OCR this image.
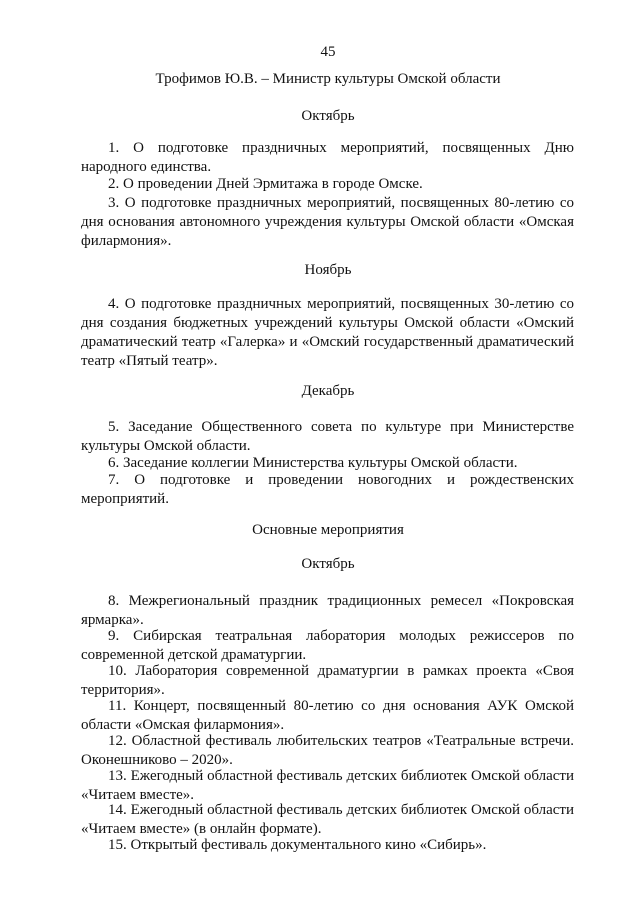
45
Трофимов Ю.В. – Министр культуры Омской области
Октябрь

1. О подготовке праздничных мероприятий, посвященных Дню народного единства.

2. О проведении Дней Эрмитажа в городе Омске.

3. О подготовке праздничных мероприятий, посвященных 80-летию со дня основания автономного учреждения культуры Омской области «Омская филармония».

Ноябрь

4. О подготовке праздничных мероприятий, посвященных 30-летию со дня создания бюджетных учреждений культуры Омской области «Омский драматический театр «Галерка» и «Омский государственный драматический театр «Пятый театр».

Декабрь

5. Заседание Общественного совета по культуре при Министерстве культуры Омской области.

6. Заседание коллегии Министерства культуры Омской области.

7. О подготовке и проведении новогодних и рождественских мероприятий.

Основные мероприятия
Октябрь

8. Межрегиональный праздник традиционных ремесел «Покровская ярмарка».

9. Сибирская театральная лаборатория молодых режиссеров по современной детской драматургии.

10. Лаборатория современной драматургии в рамках проекта «Своя территория».

11. Концерт, посвященный 80-летию со дня основания АУК Омской области «Омская филармония».

12. Областной фестиваль любительских театров «Театральные встречи. Оконешниково – 2020».

13. Ежегодный областной фестиваль детских библиотек Омской области «Читаем вместе».

14. Ежегодный областной фестиваль детских библиотек Омской области «Читаем вместе» (в онлайн формате).

15. Открытый фестиваль документального кино «Сибирь».
